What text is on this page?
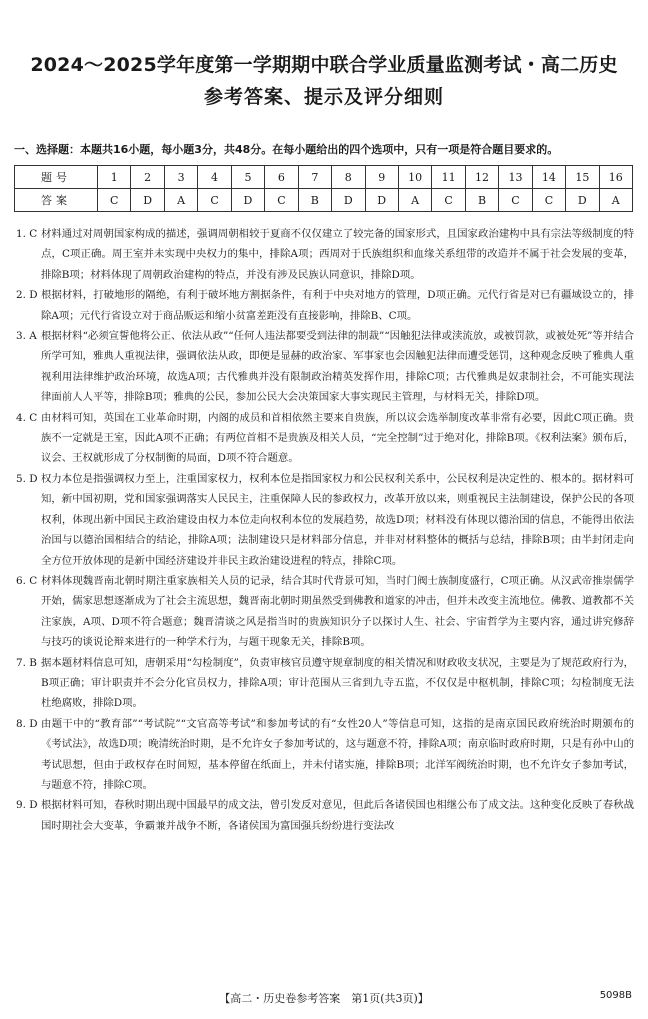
2024～2025学年度第一学期期中联合学业质量监测考试・高二历史
参考答案、提示及评分细则
一、选择题：本题共16小题，每小题3分，共48分。在每小题给出的四个选项中，只有一项是符合题目要求的。
题号	1	2	3	4	5	6	7	8	9	10	11	12	13	14	15	16
答案	C	D	A	C	D	C	B	D	D	A	C	B	C	C	D	A
1. C 材料通过对周朝国家构成的描述，强调周朝相较于夏商不仅仅建立了较完备的国家形式，且国家政治建构中具有宗法等级制度的特点，C项正确。周王室并未实现中央权力的集中，排除A项；西周对于氏族组织和血缘关系纽带的改造并不属于社会发展的变革，排除B项；材料体现了周朝政治建构的特点，并没有涉及民族认同意识，排除D项。
2. D 根据材料，打破地形的隔绝，有利于破坏地方割据条件，有利于中央对地方的管理，D项正确。元代行省是对已有疆域设立的，排除A项；元代行省设立对于商品贩运和缩小贫富差距没有直接影响，排除B、C项。
3. A 根据材料“必须宣誓他将公正、依法从政”“任何人违法都要受到法律的制裁”“因触犯法律或渎流放，或被罚款，或被处死”等并结合所学可知，雅典人重视法律，强调依法从政，即便是显赫的政治家、军事家也会因触犯法律而遭受惩罚，这种观念反映了雅典人重视利用法律维护政治环境，故选A项；古代雅典并没有限制政治精英发挥作用，排除C项；古代雅典是奴隶制社会，不可能实现法律面前人人平等，排除B项；雅典的公民，参加公民大会决策国家大事实现民主管理，与材料无关，排除D项。
4. C 由材料可知，英国在工业革命时期，内阁的成员和首相依然主要来自贵族，所以议会选举制度改革非常有必要，因此C项正确。贵族不一定就是王室，因此A项不正确；有两位首相不是贵族及相关人员，“完全控制”过于绝对化，排除B项。《权利法案》颁布后，议会、王权就形成了分权制衡的局面，D项不符合题意。
5. D 权力本位是指强调权力至上，注重国家权力，权利本位是指国家权力和公民权利关系中，公民权利是决定性的、根本的。据材料可知，新中国初期，党和国家强调落实人民民主，注重保障人民的参政权力，改革开放以来，则重视民主法制建设，保护公民的各项权利，体现出新中国民主政治建设由权力本位走向权利本位的发展趋势，故选D项；材料没有体现以德治国的信息，不能得出依法治国与以德治国相结合的结论，排除A项；法制建设只是材料部分信息，并非对材料整体的概括与总结，排除B项；由半封闭走向全方位开放体现的是新中国经济建设并非民主政治建设进程的特点，排除C项。
6. C 材料体现魏晋南北朝时期注重家族相关人员的记录，结合其时代背景可知，当时门阀士族制度盛行，C项正确。从汉武帝推崇儒学开始，儒家思想逐渐成为了社会主流思想，魏晋南北朝时期虽然受到佛教和道家的冲击，但并未改变主流地位。佛教、道教都不关注家族，A项、D项不符合题意；魏晋清谈之风是指当时的贵族知识分子以探讨人生、社会、宇宙哲学为主要内容，通过讲究修辞与技巧的谈说论辩来进行的一种学术行为，与题干现象无关，排除B项。
7. B 据本题材料信息可知，唐朝采用“勾检制度”，负责审核官员遵守规章制度的相关情况和财政收支状况，主要是为了规范政府行为，B项正确；审计职责并不会分化官员权力，排除A项；审计范围从三省到九寺五监，不仅仅是中枢机制，排除C项；勾检制度无法杜绝腐败，排除D项。
8. D 由题干中的“教育部”“考试院”“文官高等考试”和参加考试的有“女性20人”等信息可知，这指的是南京国民政府统治时期颁布的《考试法》，故选D项；晚清统治时期，是不允许女子参加考试的，这与题意不符，排除A项；南京临时政府时期，只是有孙中山的考试思想，但由于政权存在时间短，基本停留在纸面上，并未付诸实施，排除B项；北洋军阀统治时期，也不允许女子参加考试，与题意不符，排除C项。
9. D 根据材料可知，春秋时期出现中国最早的成文法，曾引发反对意见，但此后各诸侯国也相继公布了成文法。这种变化反映了春秋战国时期社会大变革，争霸兼并战争不断，各诸侯国为富国强兵纷纷进行变法改
【高二・历史卷参考答案　第1页(共3页)】	5098B
